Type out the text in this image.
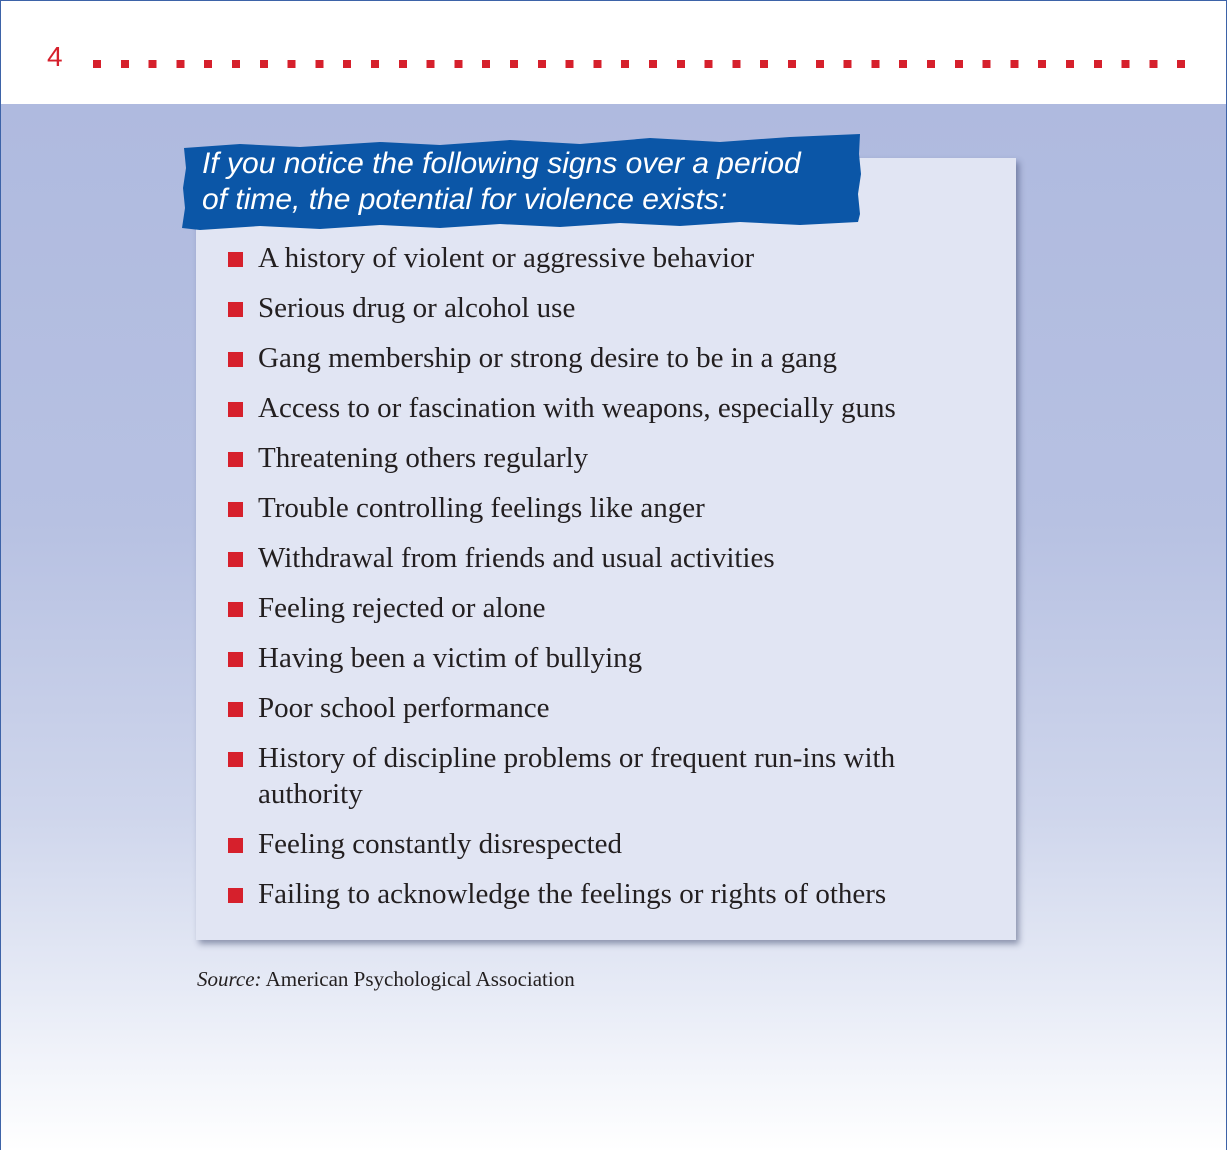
4
If you notice the following signs over a period
of time, the potential for violence exists:
A history of violent or aggressive behavior
Serious drug or alcohol use
Gang membership or strong desire to be in a gang
Access to or fascination with weapons, especially guns
Threatening others regularly
Trouble controlling feelings like anger
Withdrawal from friends and usual activities
Feeling rejected or alone
Having been a victim of bullying
Poor school performance
History of discipline problems or frequent run-ins with authority
Feeling constantly disrespected
Failing to acknowledge the feelings or rights of others
Source: American Psychological Association
